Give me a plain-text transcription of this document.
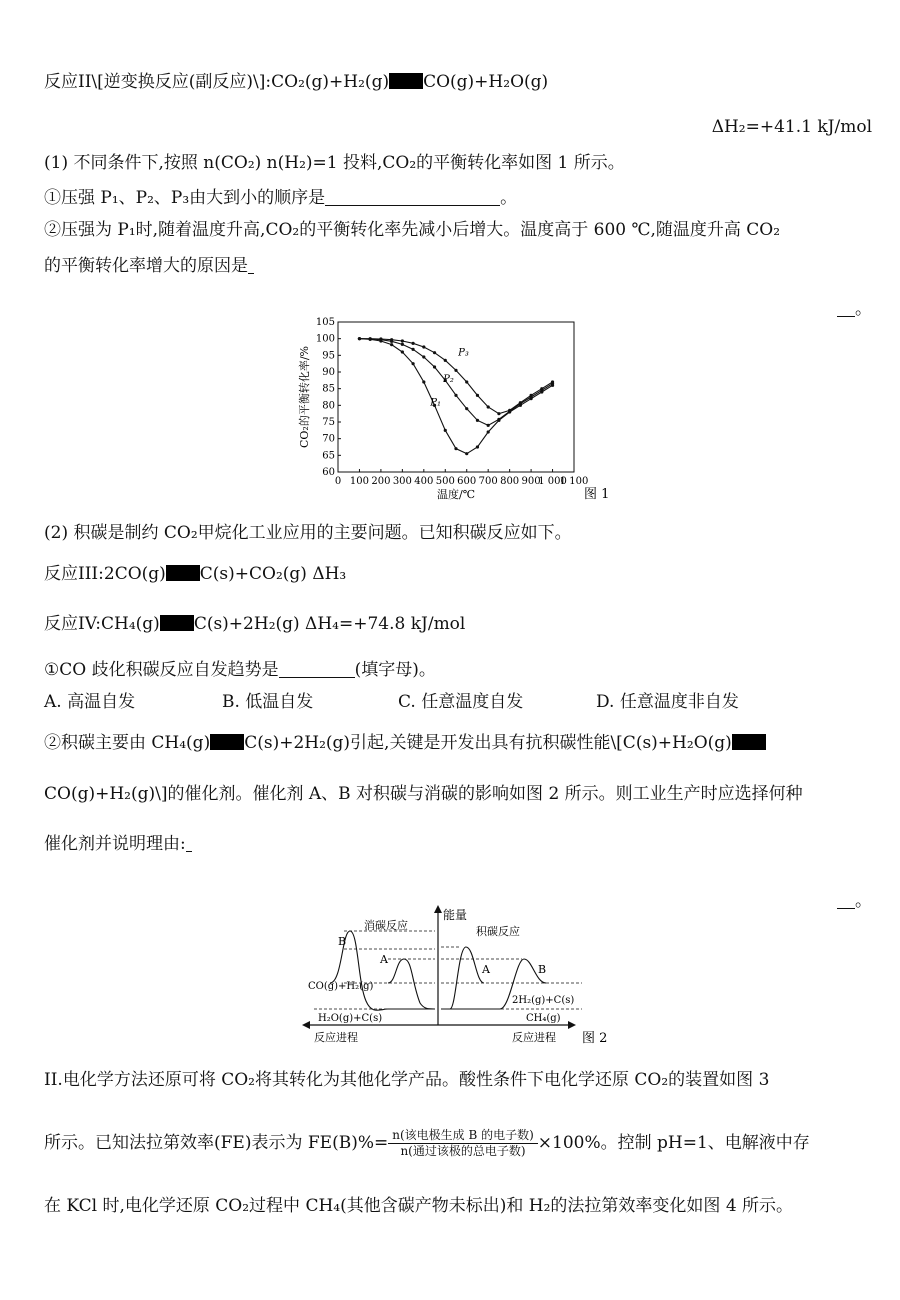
反应II\[逆变换反应(副反应)\]:CO₂(g)+H₂(g) CO(g)+H₂O(g)
ΔH₂=+41.1 kJ/mol
(1) 不同条件下,按照 n(CO₂) n(H₂)=1 投料,CO₂的平衡转化率如图 1 所示。
①压强 P₁、P₂、P₃由大到小的顺序是	。
②压强为 P₁时,随着温度升高,CO₂的平衡转化率先减小后增大。温度高于 600 ℃,随温度升高 CO₂
的平衡转化率增大的原因是
。
0 100 200 300 400 500 600 700 800 900
1 000
1 100
60
65
70
75
80
85
90
95
100
105
温度/℃
CO₂的平衡转化率/%
图 1
P₁
P₂
P₃
(2) 积碳是制约 CO₂甲烷化工业应用的主要问题。已知积碳反应如下。
反应III:2CO(g) C(s)+CO₂(g) ΔH₃
反应IV:CH₄(g) C(s)+2H₂(g) ΔH₄=+74.8 kJ/mol
①CO 歧化积碳反应自发趋势是	(填字母)。
A. 高温自发	B. 低温自发	C. 任意温度自发	D. 任意温度非自发
②积碳主要由 CH₄(g) C(s)+2H₂(g)引起,关键是开发出具有抗积碳性能\[C(s)+H₂O(g)
CO(g)+H₂(g)\]的催化剂。催化剂 A、B 对积碳与消碳的影响如图 2 所示。则工业生产时应选择何种
催化剂并说明理由:
。
能量
反应进程	反应进程 图 2
消碳反应	积碳反应
B
A
A	B
CO(g)+H₂(g)
H₂O(g)+C(s)
2H₂(g)+C(s)
CH₄(g)
II.电化学方法还原可将 CO₂将其转化为其他化学产品。酸性条件下电化学还原 CO₂的装置如图 3
所示。已知法拉第效率(FE)表示为 $FE(B)\%= \frac{\text{n(该电极生成 B 的电子数)}}{\text{n(通过该极的总电子数)}} \times 100\%$。控制 pH=1、电解液中存
在 KCl 时,电化学还原 CO₂过程中 CH₄(其他含碳产物未标出)和 H₂的法拉第效率变化如图 4 所示。
